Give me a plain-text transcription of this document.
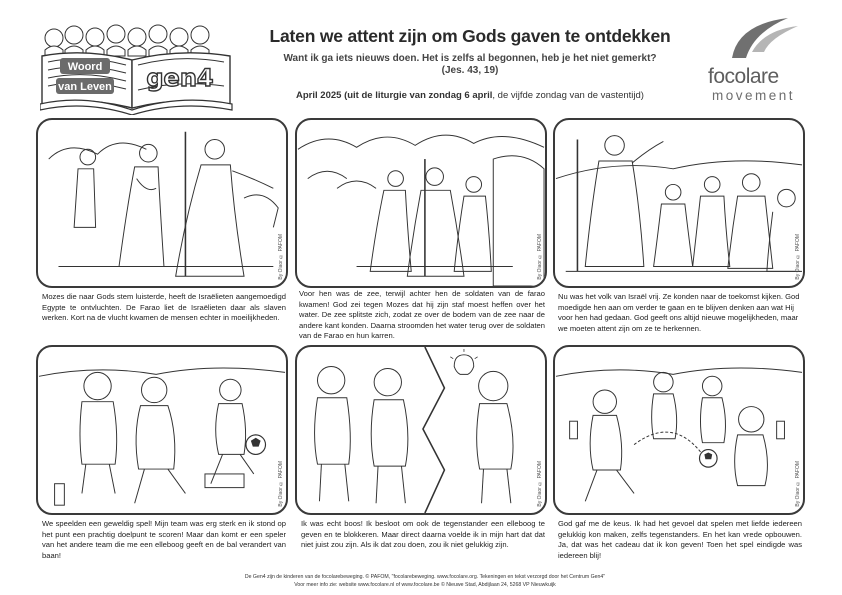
Woord
van Leven gen4
Laten we attent zijn om Gods gaven te ontdekken
Want ik ga iets nieuws doen. Het is zelfs al begonnen, heb je het niet gemerkt?
(Jes. 43, 19)
April 2025 (uit de liturgie van zondag 6 april, de vijfde zondag van de vastentijd)
focolare
movement
By Oiaor © PAFOM	By Oiaor © PAFOM	By Oiaor © PAFOM
Mozes die naar Gods stem luisterde, heeft de Israëlieten aangemoedigd Egypte te ontvluchten. De Farao liet de Israëlieten daar als slaven werken. Kort na de vlucht kwamen de mensen echter in moeilijkheden.
Voor hen was de zee, terwijl achter hen de soldaten van de farao kwamen! God zei tegen Mozes dat hij zijn staf moest heffen over het water. De zee splitste zich, zodat ze over de bodem van de zee naar de andere kant konden. Daarna stroomden het water terug over de soldaten van de Farao en hun karren.
Nu was het volk van Israël vrij. Ze konden naar de toekomst kijken. God moedigde hen aan om verder te gaan en te blijven denken aan wat Hij voor hen had gedaan. God geeft ons altijd nieuwe mogelijkheden, maar we moeten attent zijn om ze te herkennen.
By Oiaor © PAFOM	By Oiaor © PAFOM	By Oiaor © PAFOM
We speelden een geweldig spel! Mijn team was erg sterk en ik stond op het punt een prachtig doelpunt te scoren! Maar dan komt er een speler van het andere team die me een elleboog geeft en de bal verandert van baan!
Ik was echt boos! Ik besloot om ook de tegenstander een elleboog te geven en te blokkeren. Maar direct daarna voelde ik in mijn hart dat dat niet juist zou zijn. Als ik dat zou doen, zou ik niet gelukkig zijn.
God gaf me de keus. Ik had het gevoel dat spelen met liefde iedereen gelukkig kon maken, zelfs tegenstanders. En het kan vrede opbouwen. Ja, dat was het cadeau dat ik kon geven! Toen het spel eindigde was iedereen blij!
De Gen4 zijn de kinderen van de focolarebeweging. © PAFOM, "focolarebeweging. www.focolare.org. Tekeningen en tekst verzorgd door het Centrum Gen4"
Voor meer info zie: website www.focolare.nl of www.focolare.be © Nieuwe Stad, Abdijlaan 24, 5268 VP Nieuwkuijk
